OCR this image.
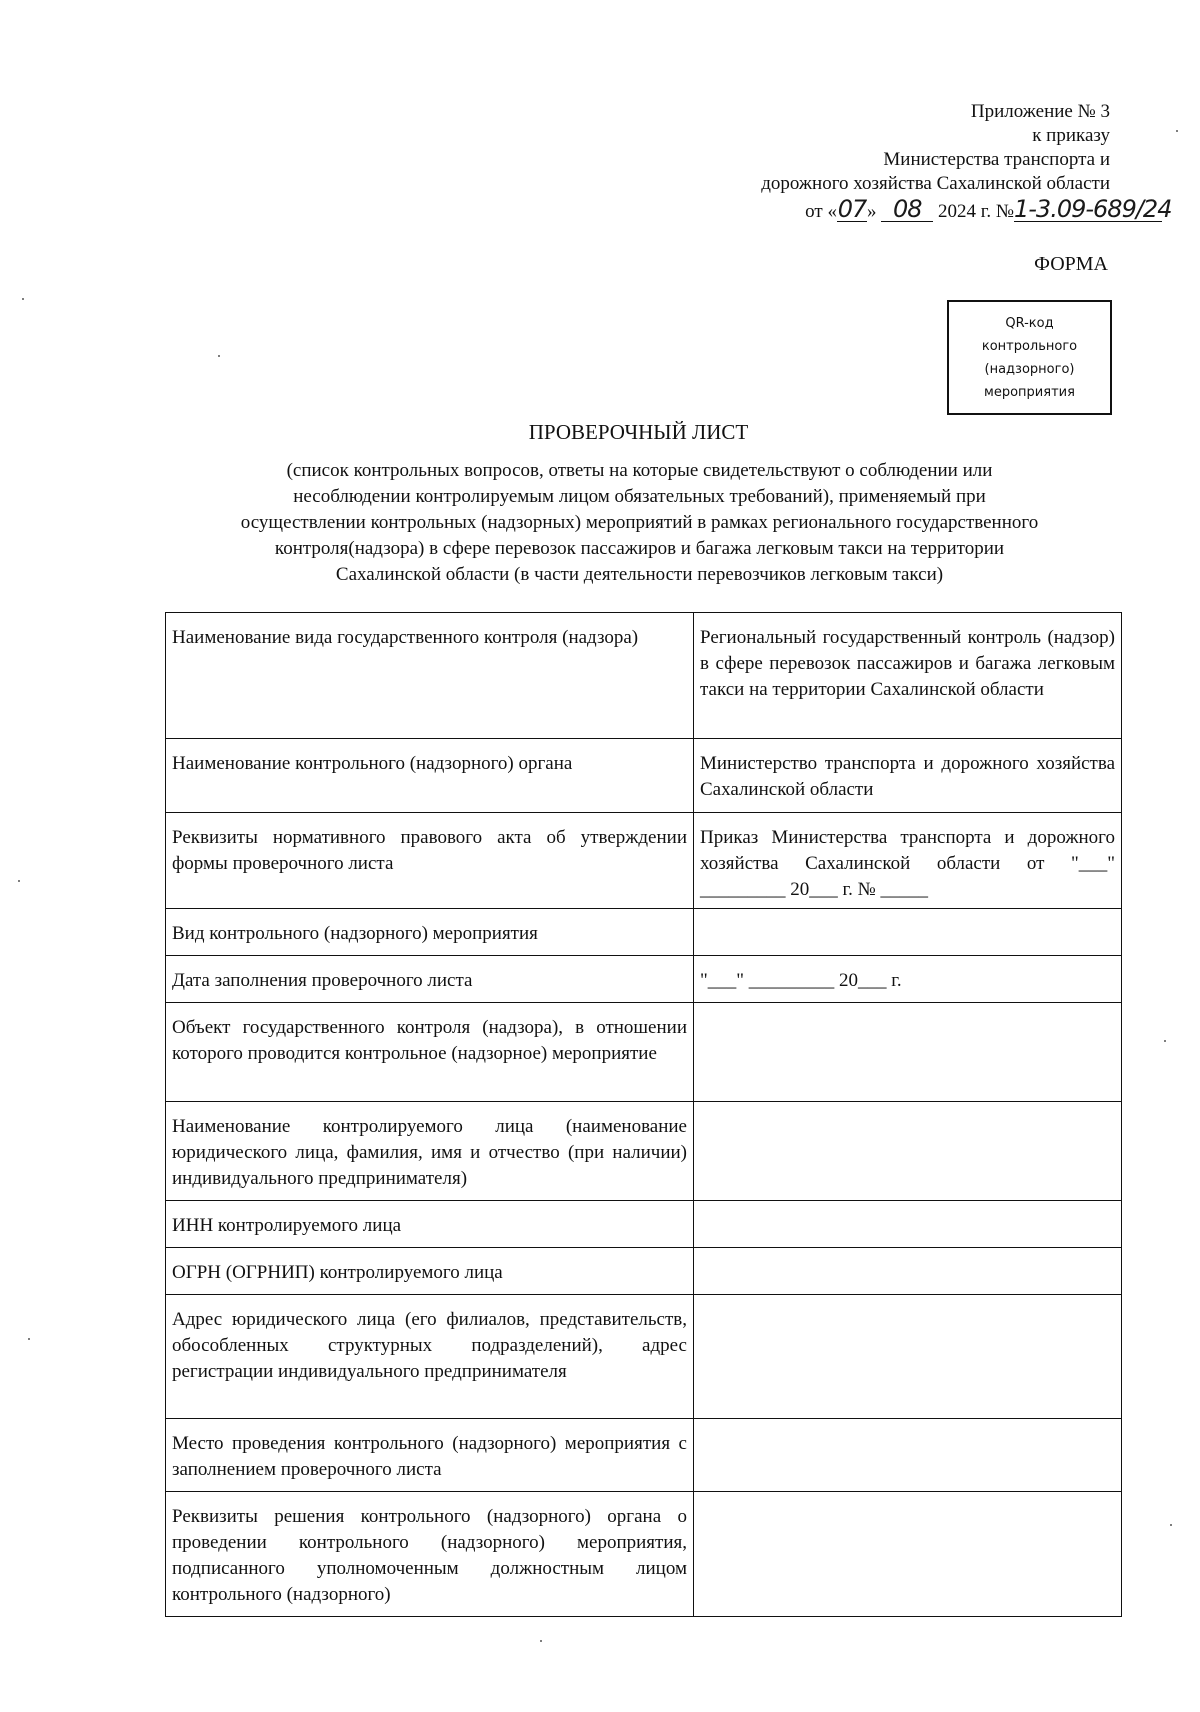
Приложение № 3
к приказу
Министерства транспорта и
дорожного хозяйства Сахалинской области
от «07» 08 2024 г. №1-3.09-689/24
ФОРМА
QR-код
контрольного
(надзорного)
мероприятия
ПРОВЕРОЧНЫЙ ЛИСТ
(список контрольных вопросов, ответы на которые свидетельствуют о соблюдении или
несоблюдении контролируемым лицом обязательных требований), применяемый при
осуществлении контрольных (надзорных) мероприятий в рамках регионального государственного
контроля(надзора) в сфере перевозок пассажиров и багажа легковым такси на территории
Сахалинской области (в части деятельности перевозчиков легковым такси)
Наименование вида государственного контроля (надзора)	Региональный государственный контроль (надзор) в сфере перевозок пассажиров и багажа легковым такси на территории Сахалинской области
Наименование контрольного (надзорного) органа	Министерство транспорта и дорожного хозяйства Сахалинской области
Реквизиты нормативного правового акта об утверждении формы проверочного листа	Приказ Министерства транспорта и дорожного хозяйства Сахалинской области от "___" _________ 20___ г. № _____
Вид контрольного (надзорного) мероприятия	
Дата заполнения проверочного листа	"___" _________ 20___ г.
Объект государственного контроля (надзора), в отношении которого проводится контрольное (надзорное) мероприятие	
Наименование контролируемого лица (наименование юридического лица, фамилия, имя и отчество (при наличии) индивидуального предпринимателя)	
ИНН контролируемого лица	
ОГРН (ОГРНИП) контролируемого лица	
Адрес юридического лица (его филиалов, представительств, обособленных структурных подразделений), адрес регистрации индивидуального предпринимателя	
Место проведения контрольного (надзорного) мероприятия с заполнением проверочного листа	
Реквизиты решения контрольного (надзорного) органа о проведении контрольного (надзорного) мероприятия, подписанного уполномоченным должностным лицом контрольного (надзорного)	
